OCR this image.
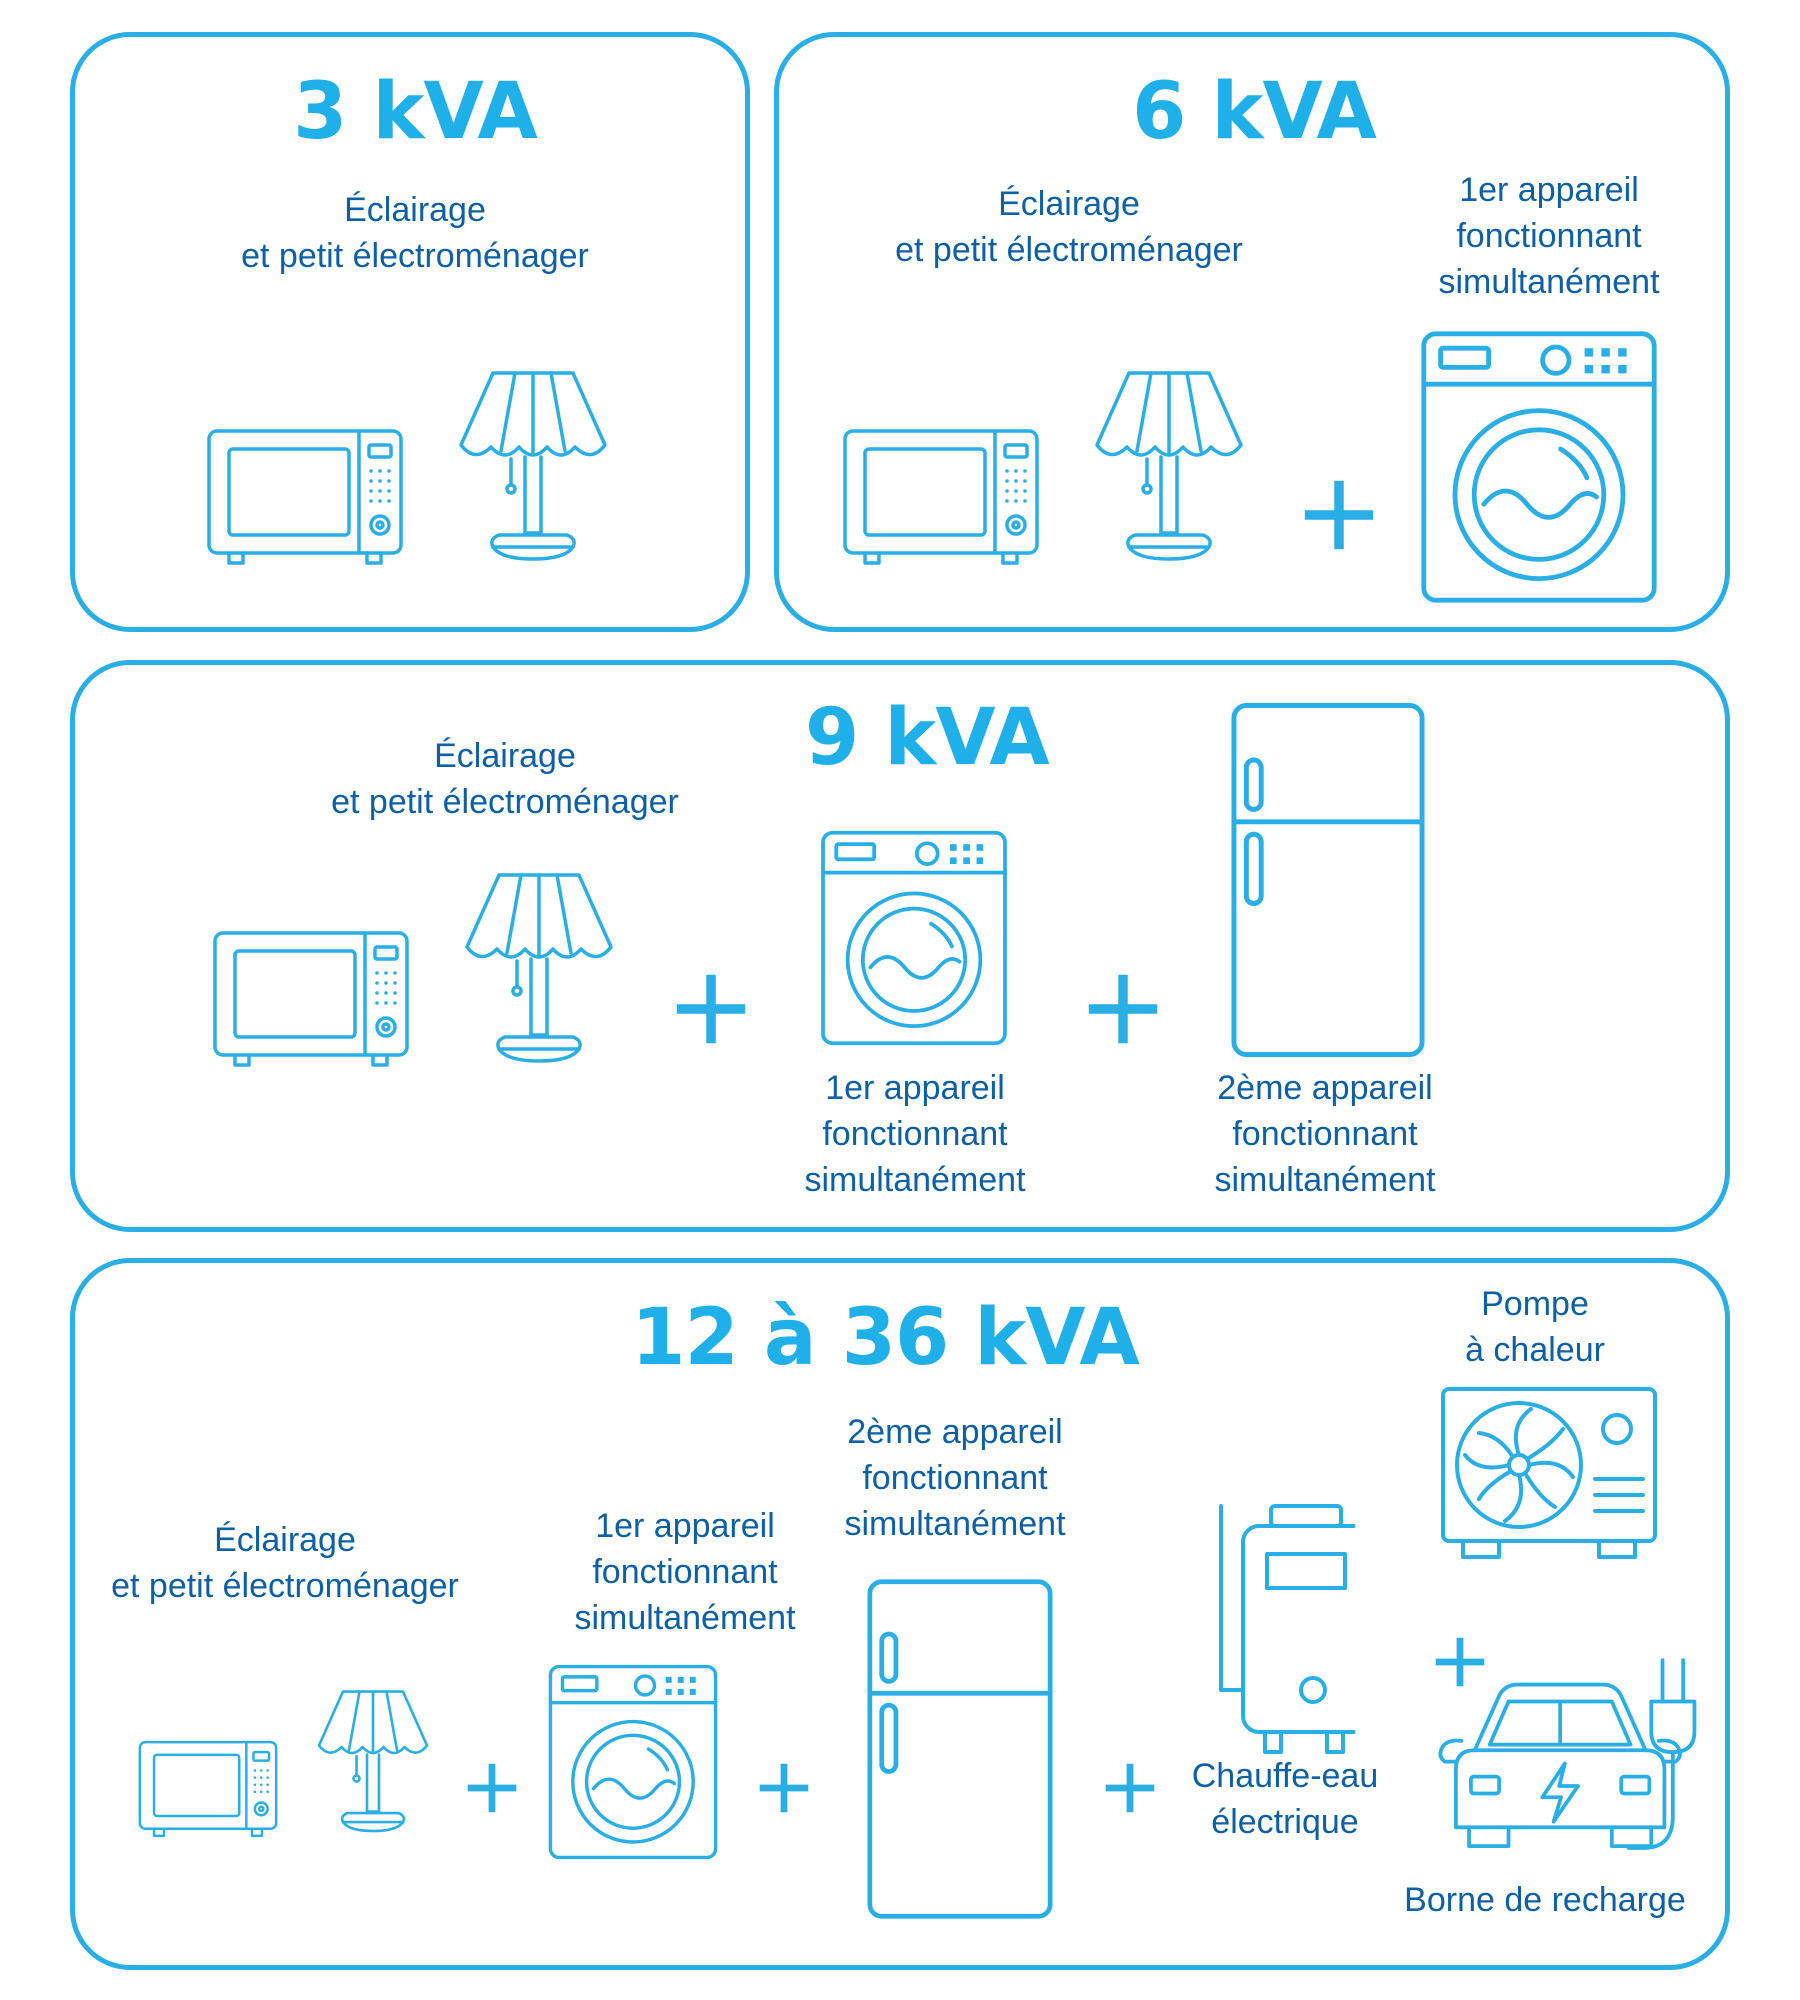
3 kVA
Éclairage
et petit électroménager
6 kVA
Éclairage
et petit électroménager
1er appareil
fonctionnant
simultanément
9 kVA
Éclairage
et petit électroménager
1er appareil
fonctionnant
simultanément
2ème appareil
fonctionnant
simultanément
12 à 36 kVA	Pompe
à chaleur
2ème appareil
fonctionnant
simultanément
1er appareil
fonctionnant
simultanément
Éclairage
et petit électroménager
Chauffe-eau
électrique
Borne de recharge
